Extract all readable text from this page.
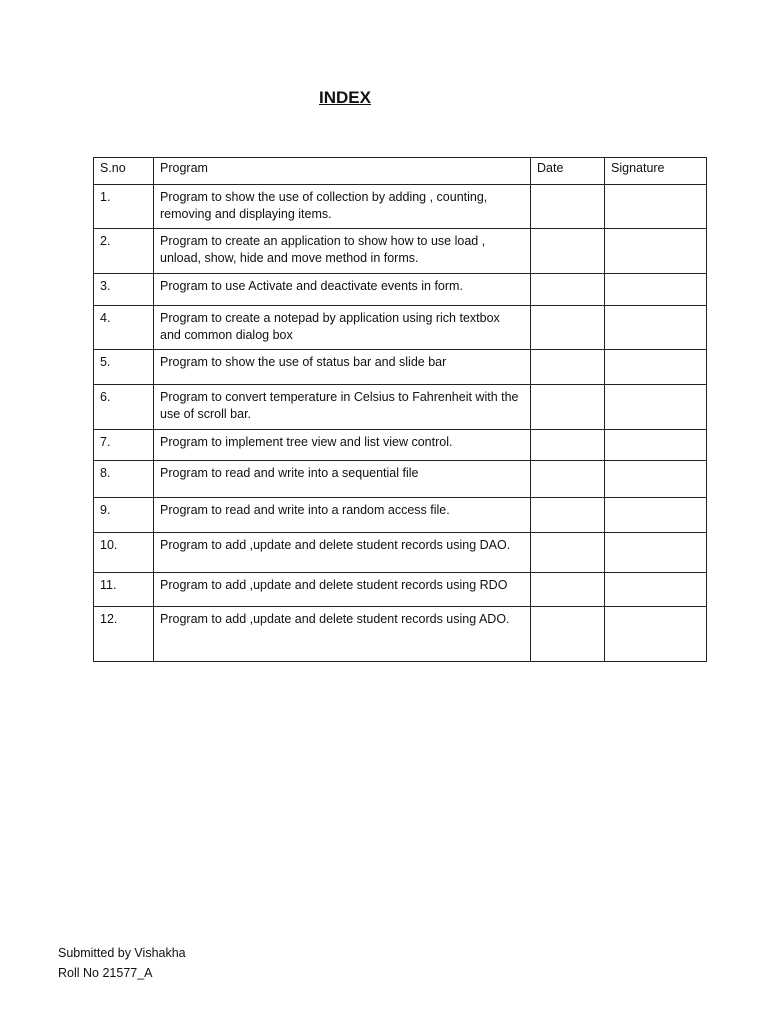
INDEX
S.no	Program	Date	Signature
1.	Program to show the use of collection by adding , counting, removing and displaying items.		
2.	Program to create an application to show how to use load , unload, show, hide and move method in forms.		
3.	Program to use Activate and deactivate events in form.		
4.	Program to create a notepad by application using rich textbox and common dialog box		
5.	Program to show the use of status bar and slide bar		
6.	Program to convert temperature in Celsius to Fahrenheit with the use of scroll bar.		
7.	Program to implement tree view and list view control.		
8.	Program to read and write into a sequential file		
9.	Program to read and write into a random access file.		
10.	Program to add ,update and delete student records using DAO.		
11.	Program to add ,update and delete student records using RDO		
12.	Program to add ,update and delete student records using ADO.		
Submitted by Vishakha
Roll No 21577_A
